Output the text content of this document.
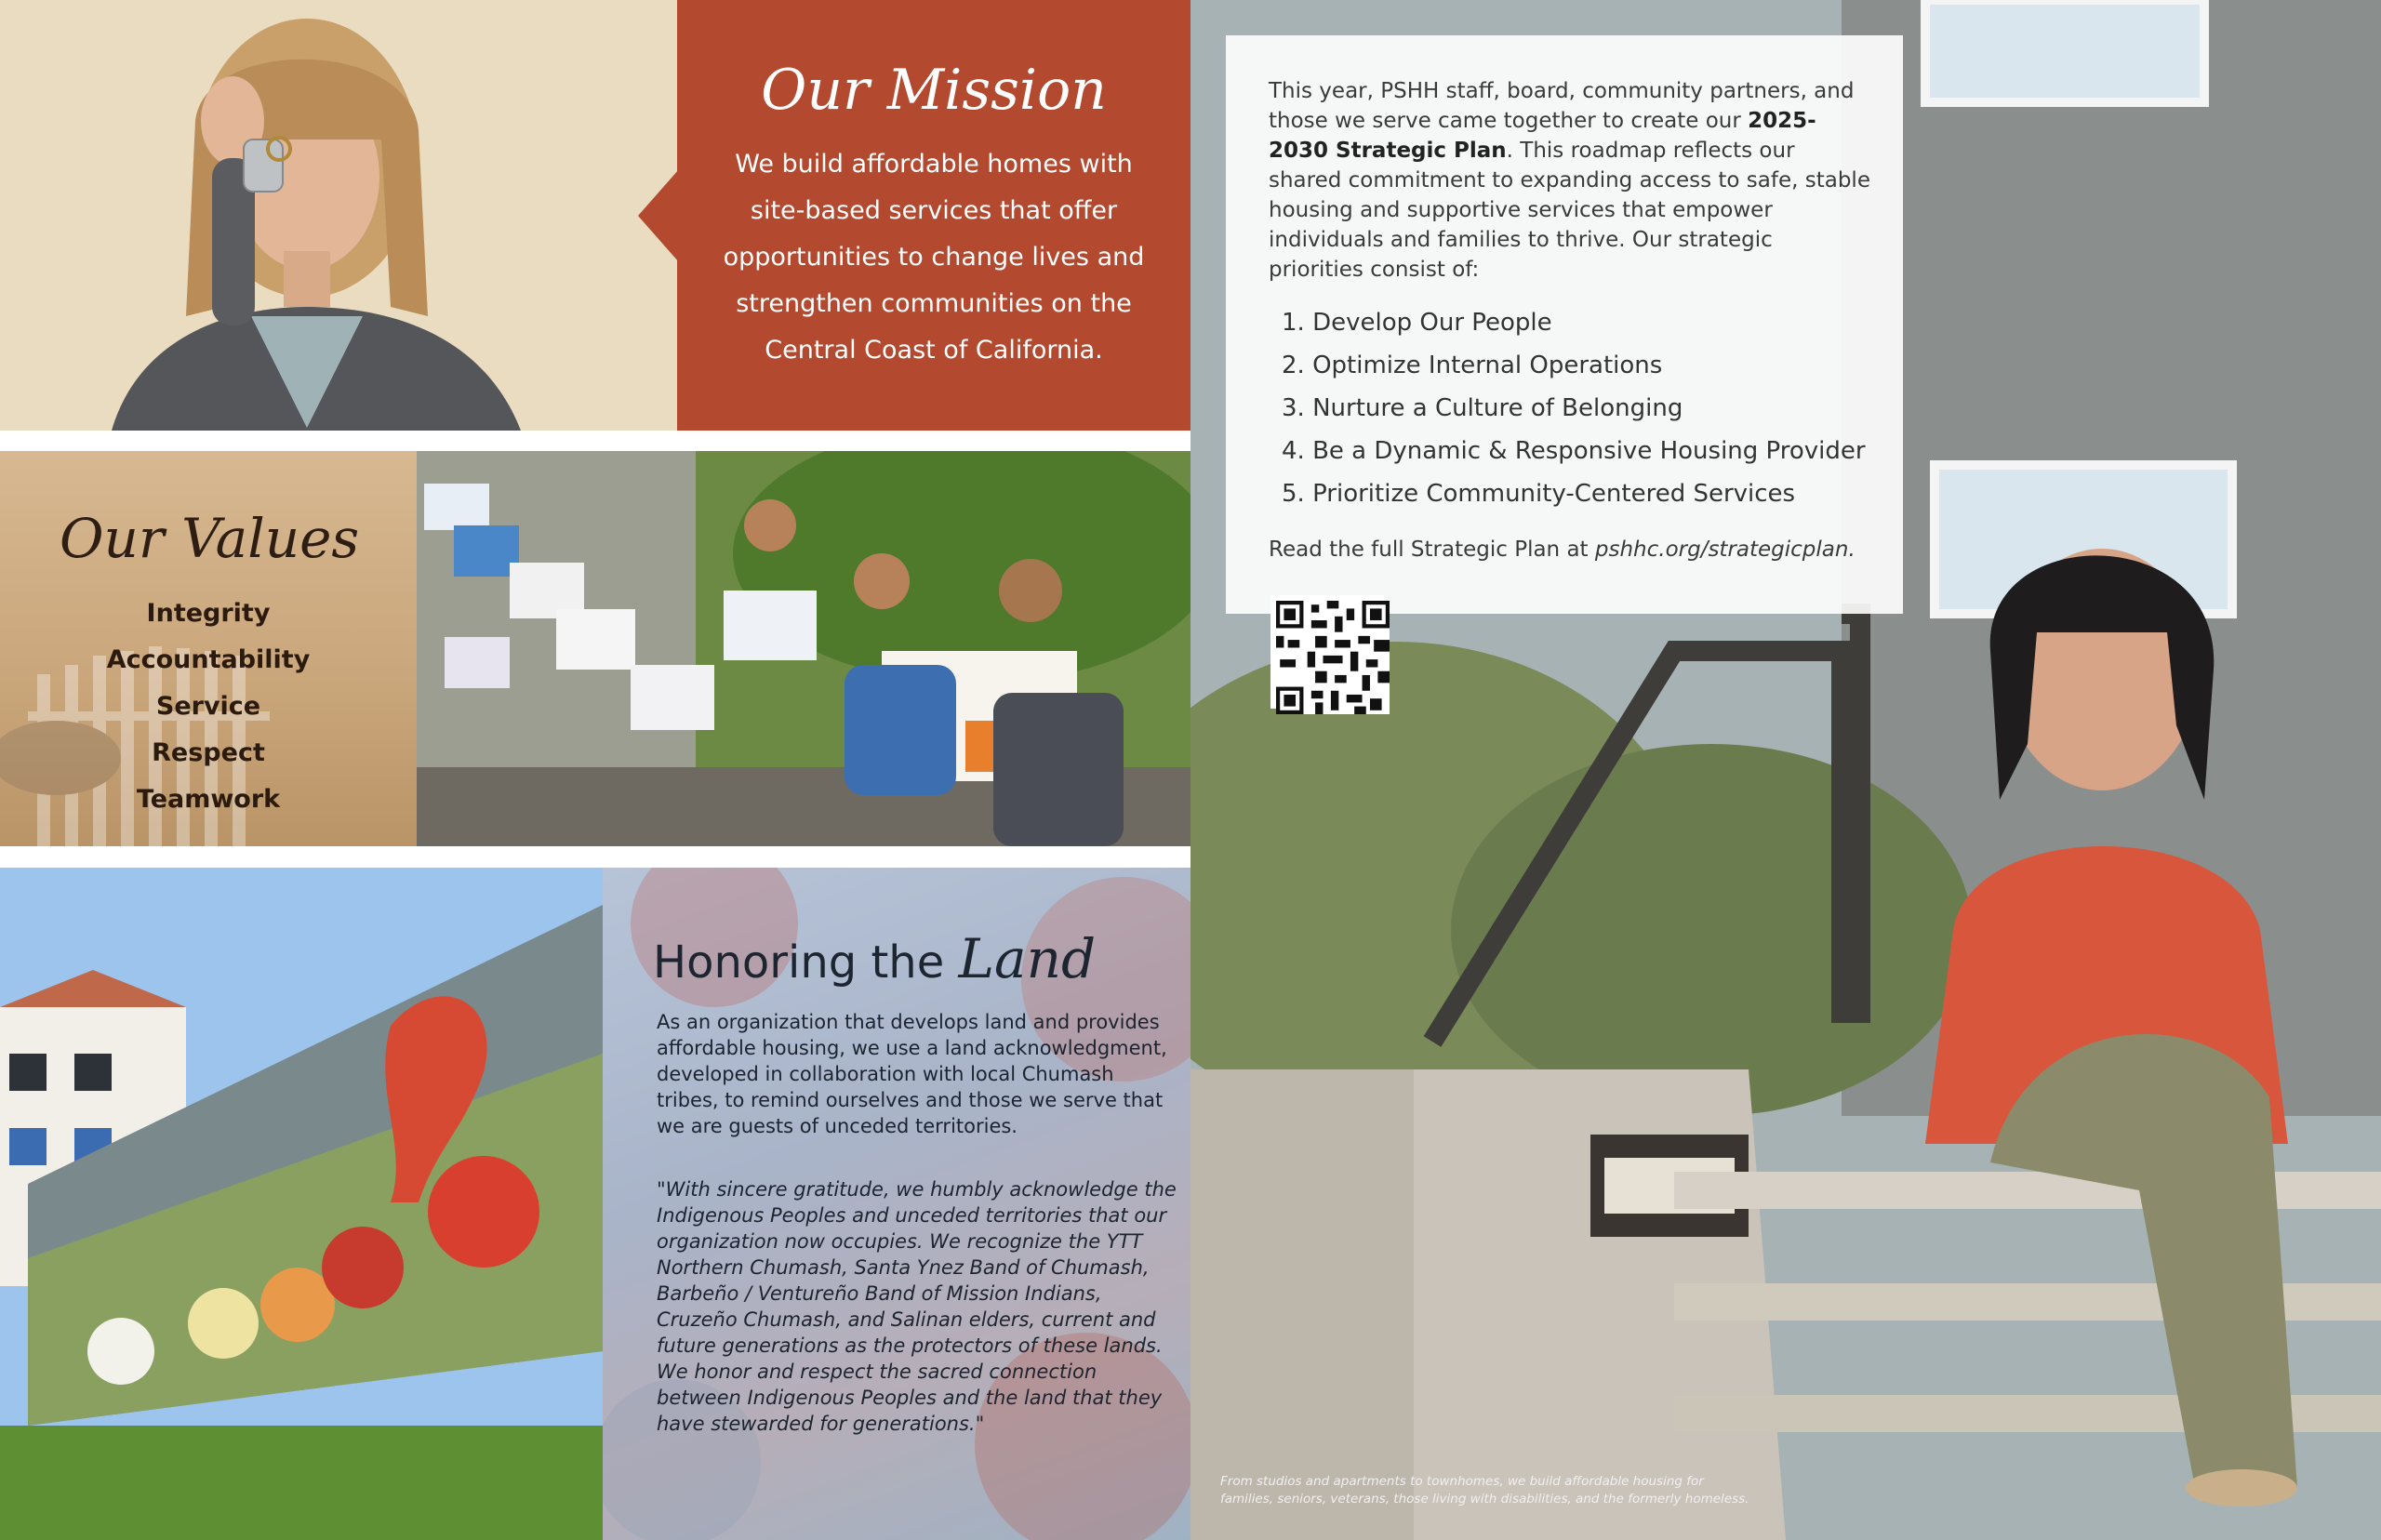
Our Mission
We build affordable homes with site-based services that offer opportunities to change lives and strengthen communities on the Central Coast of California.
Our Values
Integrity
Accountability
Service
Respect
Teamwork
Honoring the Land
As an organization that develops land and provides affordable housing, we use a land acknowledgment, developed in collaboration with local Chumash tribes, to remind ourselves and those we serve that we are guests of unceded territories.
"With sincere gratitude, we humbly acknowledge the Indigenous Peoples and unceded territories that our organization now occupies. We recognize the YTT Northern Chumash, Santa Ynez Band of Chumash, Barbeño / Ventureño Band of Mission Indians, Cruzeño Chumash, and Salinan elders, current and future generations as the protectors of these lands. We honor and respect the sacred connection between Indigenous Peoples and the land that they have stewarded for generations."
This year, PSHH staff, board, community partners, and those we serve came together to create our 2025-2030 Strategic Plan. This roadmap reflects our shared commitment to expanding access to safe, stable housing and supportive services that empower individuals and families to thrive. Our strategic priorities consist of:
1. Develop Our People
2. Optimize Internal Operations
3. Nurture a Culture of Belonging
4. Be a Dynamic & Responsive Housing Provider
5. Prioritize Community-Centered Services
Read the full Strategic Plan at pshhc.org/strategicplan.
From studios and apartments to townhomes, we build affordable housing for
families, seniors, veterans, those living with disabilities, and the formerly homeless.
